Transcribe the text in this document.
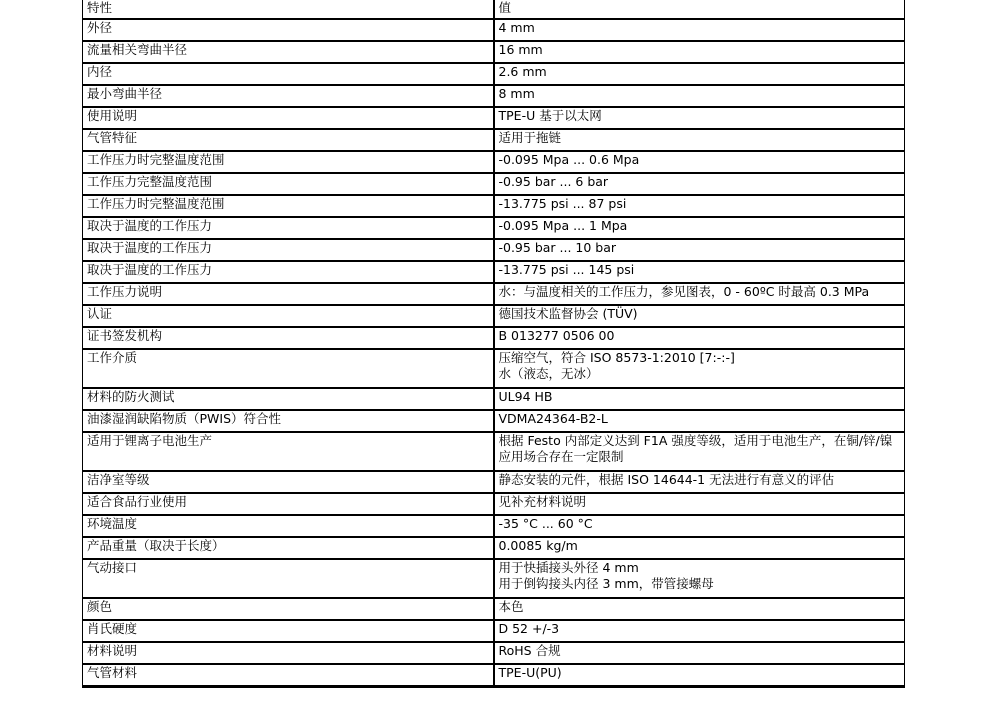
特性	值
外径	4 mm
流量相关弯曲半径	16 mm
内径	2.6 mm
最小弯曲半径	8 mm
使用说明	TPE-U 基于以太网
气管特征	适用于拖链
工作压力时完整温度范围	-0.095 Mpa ... 0.6 Mpa
工作压力完整温度范围	-0.95 bar ... 6 bar
工作压力时完整温度范围	-13.775 psi ... 87 psi
取决于温度的工作压力	-0.095 Mpa ... 1 Mpa
取决于温度的工作压力	-0.95 bar ... 10 bar
取决于温度的工作压力	-13.775 psi ... 145 psi
工作压力说明	水：与温度相关的工作压力，参见图表，0 - 60ºC 时最高 0.3 MPa
认证	德国技术监督协会 (TÜV)
证书签发机构	B 013277 0506 00
工作介质	压缩空气，符合 ISO 8573-1:2010 [7:-:-]
水（液态，无冰）
材料的防火测试	UL94 HB
油漆湿润缺陷物质（PWIS）符合性	VDMA24364-B2-L
适用于锂离子电池生产	根据 Festo 内部定义达到 F1A 强度等级，适用于电池生产，在铜/锌/镍应用场合存在一定限制
洁净室等级	静态安装的元件，根据 ISO 14644-1 无法进行有意义的评估
适合食品行业使用	见补充材料说明
环境温度	-35 °C ... 60 °C
产品重量（取决于长度）	0.0085 kg/m
气动接口	用于快插接头外径 4 mm
用于倒钩接头内径 3 mm，带管接螺母
颜色	本色
肖氏硬度	D 52 +/-3
材料说明	RoHS 合规
气管材料	TPE-U(PU)
